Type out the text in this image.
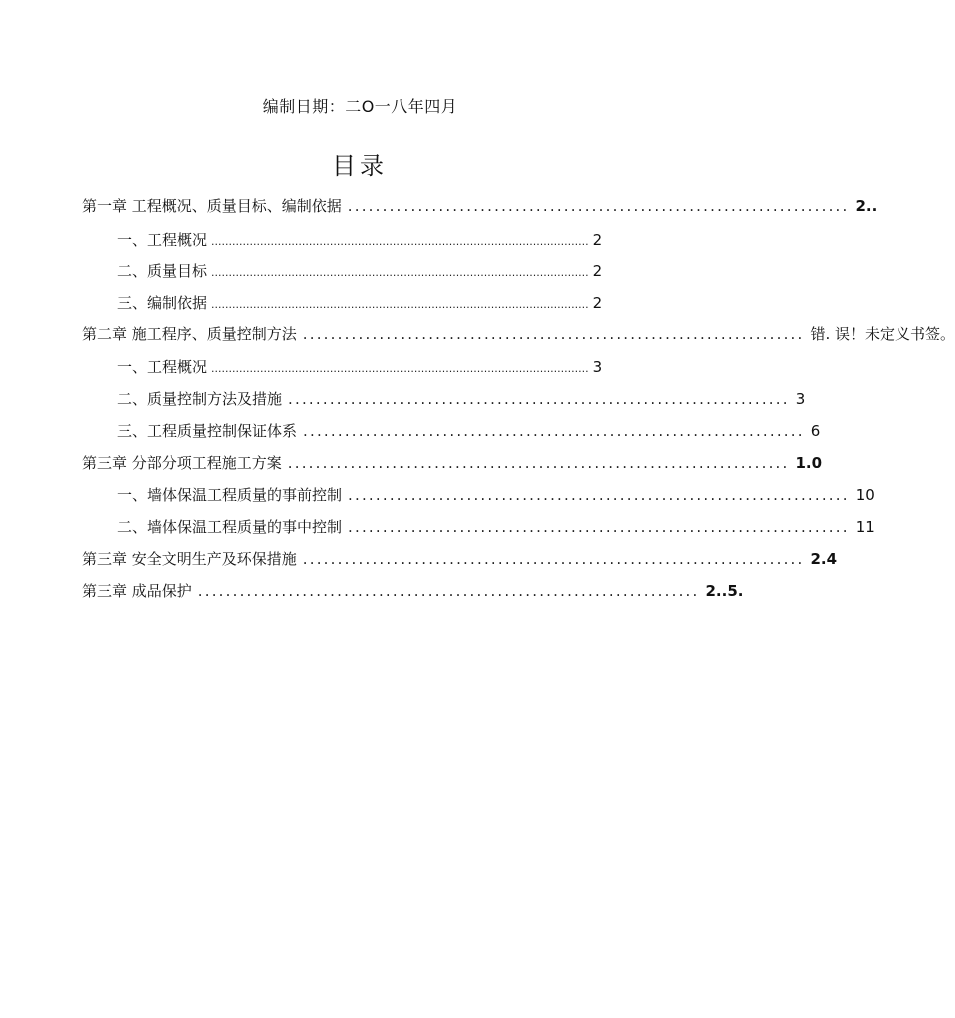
编制日期：二O一八年四月
目录
第一章 工程概况、质量目标、编制依据 ........................................................................ 2..
一、工程概况 ............................................................................................................ 2
二、质量目标 ............................................................................................................ 2
三、编制依据 ............................................................................................................ 2
第二章 施工程序、质量控制方法 ........................................................................ 错. 误！未定义书签。
一、工程概况 ............................................................................................................ 3
二、质量控制方法及措施 ........................................................................ 3
三、工程质量控制保证体系 ........................................................................ 6
第三章 分部分项工程施工方案 ........................................................................ 1.0
一、墙体保温工程质量的事前控制 ........................................................................ 10
二、墙体保温工程质量的事中控制 ........................................................................ 11
第三章 安全文明生产及环保措施 ........................................................................ 2.4
第三章 成品保护 ........................................................................ 2..5.
